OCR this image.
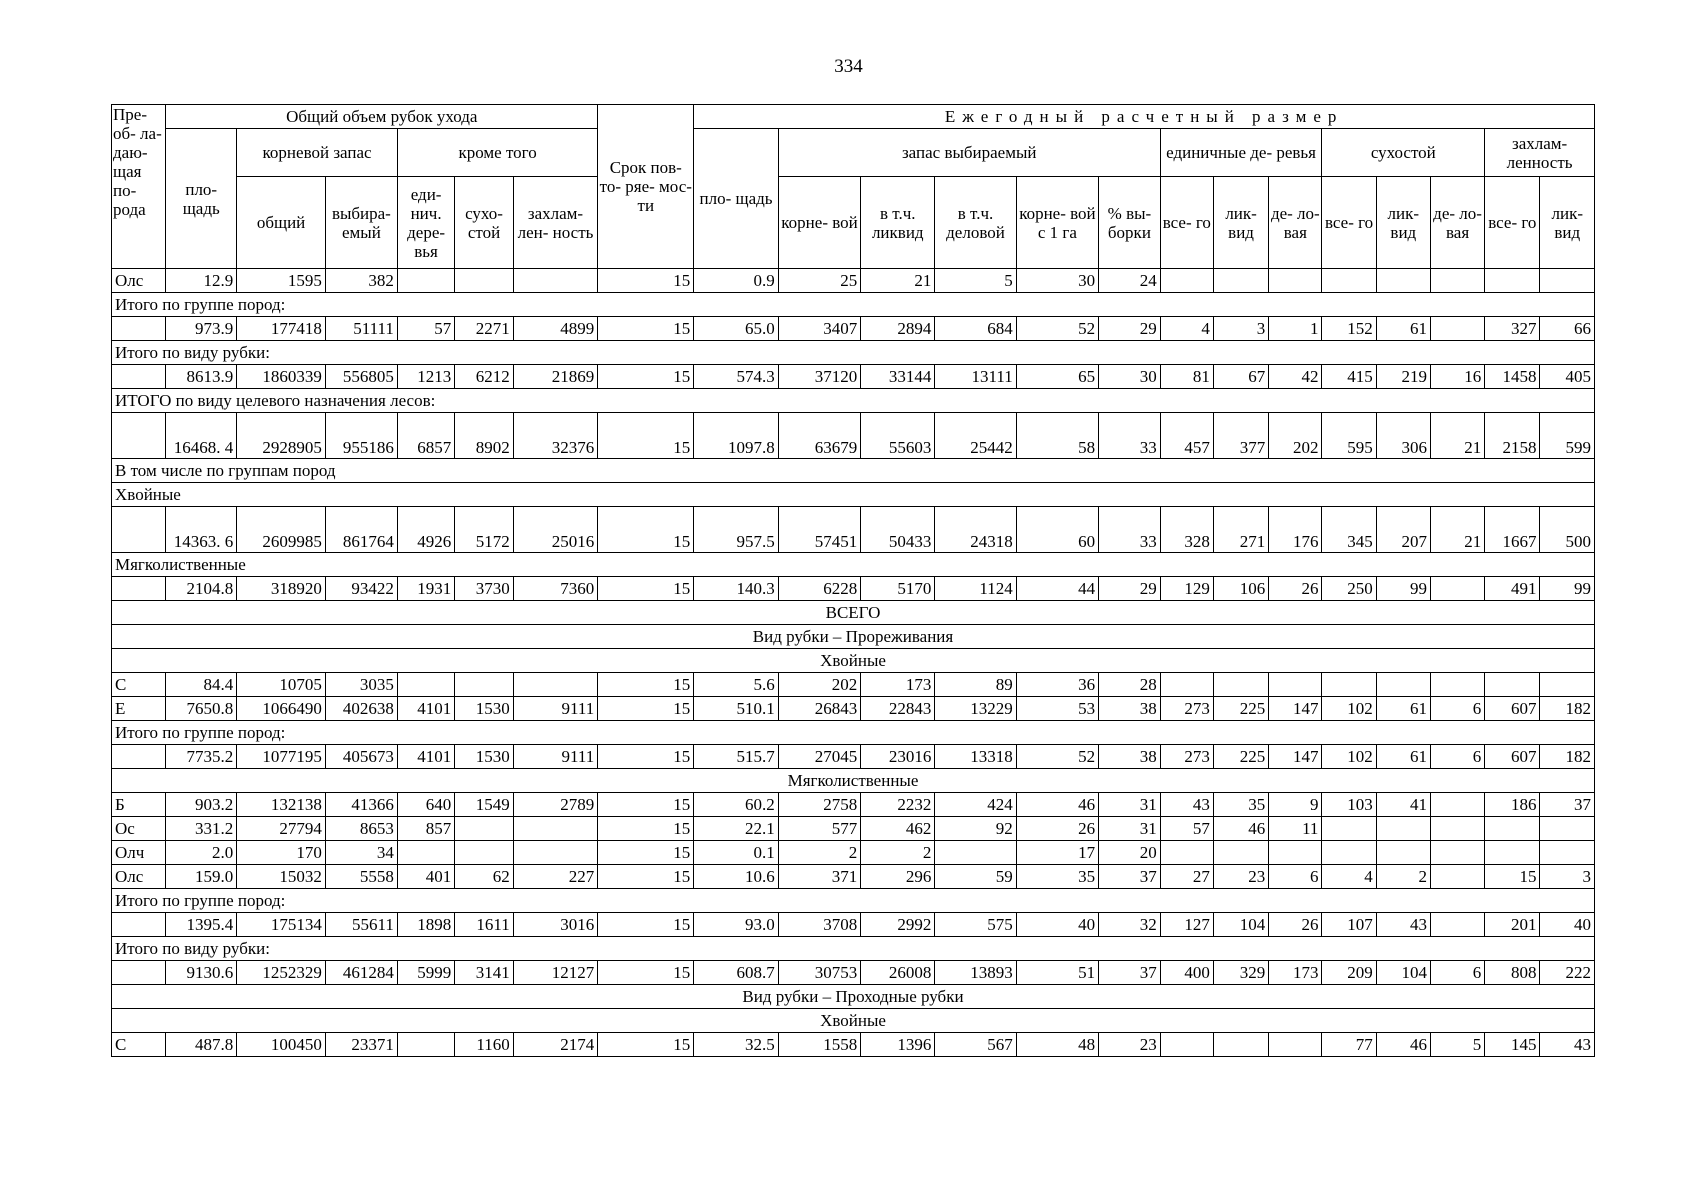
334
Пре- об- ла- даю- щая по- рода	Общий объем рубок ухода						Срок пов- то- ряе- мос- ти	Ежегодный расчетный размер													
	пло- щадь	корневой запас		кроме того				пло- щадь	запас выбираемый					единичные де- ревья			сухостой			захлам- ленность	
		общий	выбира- емый	еди- нич. дере- вья	сухо- стой	захлам- лен- ность			корне- вой	в т.ч. ликвид	в т.ч. деловой	корне- вой с 1 га	% вы- борки	все- го	лик- вид	де- ло- вая	все- го	лик- вид	де- ло- вая	все- го	лик- вид
Олс	12.9	1595	382				15	0.9	25	21	5	30	24								
Итого по группе пород:																					
	973.9	177418	51111	57	2271	4899	15	65.0	3407	2894	684	52	29	4	3	1	152	61		327	66
Итого по виду рубки:																					
	8613.9	1860339	556805	1213	6212	21869	15	574.3	37120	33144	13111	65	30	81	67	42	415	219	16	1458	405
ИТОГО по виду целевого назначения лесов:																					
	16468. 4	2928905	955186	6857	8902	32376	15	1097.8	63679	55603	25442	58	33	457	377	202	595	306	21	2158	599
В том числе по группам пород																					
Хвойные																					
	14363. 6	2609985	861764	4926	5172	25016	15	957.5	57451	50433	24318	60	33	328	271	176	345	207	21	1667	500
Мягколиственные																					
	2104.8	318920	93422	1931	3730	7360	15	140.3	6228	5170	1124	44	29	129	106	26	250	99		491	99
ВСЕГО																					
Вид рубки – Прореживания																					
Хвойные																					
С	84.4	10705	3035				15	5.6	202	173	89	36	28								
Е	7650.8	1066490	402638	4101	1530	9111	15	510.1	26843	22843	13229	53	38	273	225	147	102	61	6	607	182
Итого по группе пород:																					
	7735.2	1077195	405673	4101	1530	9111	15	515.7	27045	23016	13318	52	38	273	225	147	102	61	6	607	182
Мягколиственные																					
Б	903.2	132138	41366	640	1549	2789	15	60.2	2758	2232	424	46	31	43	35	9	103	41		186	37
Ос	331.2	27794	8653	857			15	22.1	577	462	92	26	31	57	46	11					
Олч	2.0	170	34				15	0.1	2	2		17	20								
Олс	159.0	15032	5558	401	62	227	15	10.6	371	296	59	35	37	27	23	6	4	2		15	3
Итого по группе пород:																					
	1395.4	175134	55611	1898	1611	3016	15	93.0	3708	2992	575	40	32	127	104	26	107	43		201	40
Итого по виду рубки:																					
	9130.6	1252329	461284	5999	3141	12127	15	608.7	30753	26008	13893	51	37	400	329	173	209	104	6	808	222
Вид рубки – Проходные рубки																					
Хвойные																					
С	487.8	100450	23371		1160	2174	15	32.5	1558	1396	567	48	23				77	46	5	145	43
